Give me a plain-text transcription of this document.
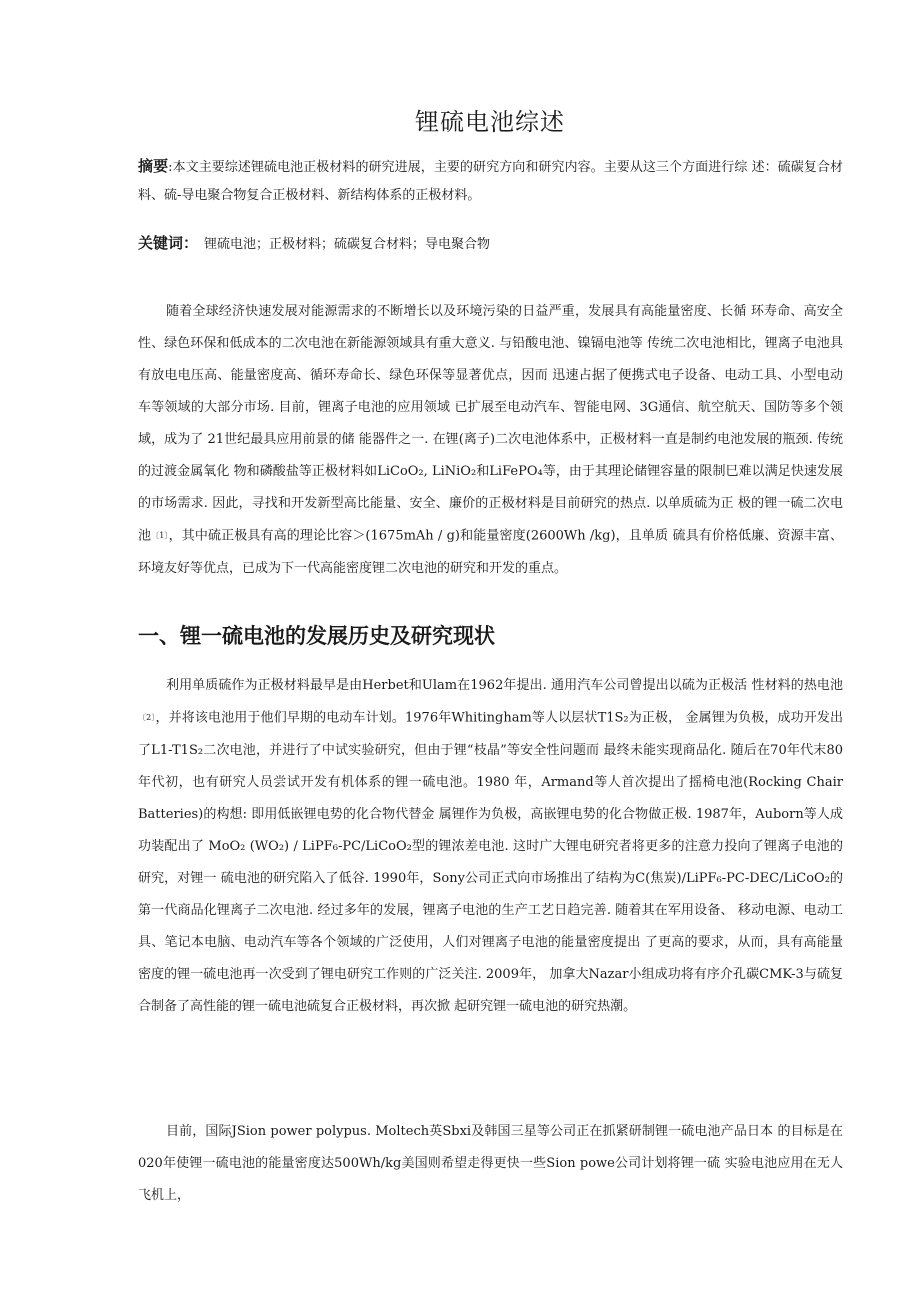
锂硫电池综述
摘要:本文主要综述锂硫电池正极材料的研究进展，主要的研究方向和研究内容。主要从这三个方面进行综 述：硫碳复合材料、硫-导电聚合物复合正极材料、新结构体系的正极材料。
关键词： 锂硫电池；正极材料；硫碳复合材料；导电聚合物
随着全球经济快速发展对能源需求的不断增长以及环境污染的日益严重，发展具有高能量密度、长循 环寿命、高安全性、绿色环保和低成本的二次电池在新能源领域具有重大意义. 与铅酸电池、镍镉电池等 传统二次电池相比，锂离子电池具有放电电压高、能量密度高、循环寿命长、绿色环保等显著优点，因而 迅速占据了便携式电子设备、电动工具、小型电动车等领域的大部分市场. 目前，锂离子电池的应用领域 已扩展至电动汽车、智能电网、3G通信、航空航天、国防等多个领域，成为了 21世纪最具应用前景的储 能器件之一. 在锂(离子)二次电池体系中，正极材料一直是制约电池发展的瓶颈. 传统的过渡金属氧化 物和磷酸盐等正极材料如LiCoO₂, LiNiO₂和LiFePO₄等，由于其理论储锂容量的限制巳难以满足快速发展 的市场需求. 因此，寻找和开发新型高比能量、安全、廉价的正极材料是目前研究的热点. 以单质硫为正 极的锂一硫二次电池〔1〕，其中硫正极具有高的理论比容＞(1675mAh / g)和能量密度(2600Wh /kg)，且单质 硫具有价格低廉、资源丰富、环境友好等优点，已成为下一代高能密度锂二次电池的研究和开发的重点。
一、锂一硫电池的发展历史及研究现状
利用单质硫作为正极材料最早是由Herbet和Ulam在1962年提出. 通用汽车公司曾提出以硫为正极活 性材料的热电池〔2〕，并将该电池用于他们早期的电动车计划。1976年Whitingham等人以层状T1S₂为正极， 金属锂为负极，成功开发出了L1-T1S₂二次电池，并进行了中试实验研究，但由于锂“枝晶”等安全性问题而 最终未能实现商品化. 随后在70年代末80年代初，也有研究人员尝试开发有机体系的锂一硫电池。1980 年，Armand等人首次提出了摇椅电池(Rocking Chair Batteries)的构想: 即用低嵌锂电势的化合物代替金 属锂作为负极，高嵌锂电势的化合物做正极. 1987年，Auborn等人成功装配出了 MoO₂ (WO₂) / LiPF₆-PC/LiCoO₂型的锂浓差电池. 这时广大锂电研究者将更多的注意力投向了锂离子电池的研究，对锂一 硫电池的研究陷入了低谷. 1990年，Sony公司正式向市场推出了结构为C(焦炭)/LiPF₆-PC-DEC/LiCoO₂的第一代商品化锂离子二次电池. 经过多年的发展，锂离子电池的生产工艺日趋完善. 随着其在军用设备、 移动电源、电动工具、笔记本电脑、电动汽车等各个领域的广泛使用，人们对锂离子电池的能量密度提出 了更高的要求，从而，具有高能量密度的锂一硫电池再一次受到了锂电研究工作则的广泛关注. 2009年， 加拿大Nazar小组成功将有序介孔碳CMK-3与硫复合制备了高性能的锂一硫电池硫复合正极材料，再次掀 起研究锂一硫电池的研究热潮。
目前，国际JSion power polypus. Moltech英Sbxi及韩国三星等公司正在抓紧研制锂一硫电池产品日本 的目标是在020年使锂一硫电池的能量密度达500Wh/kg美国则希望走得更快一些Sion powe公司计划将锂一硫 实验电池应用在无人飞机上，
